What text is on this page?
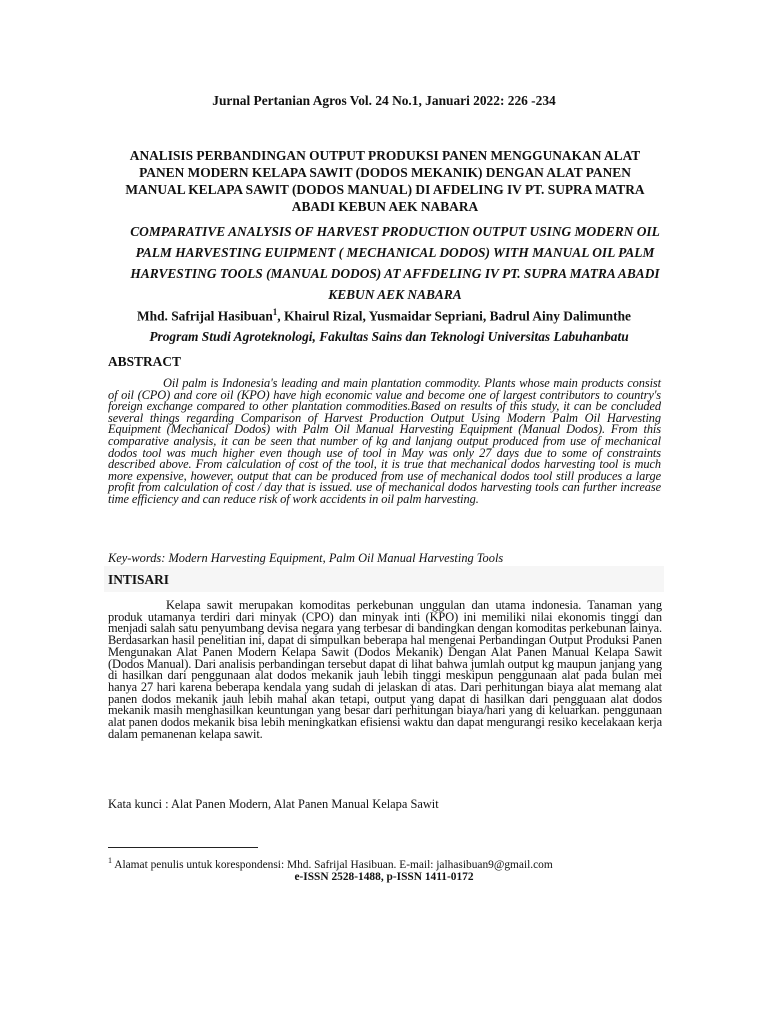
Jurnal Pertanian Agros Vol. 24 No.1, Januari 2022: 226 -234
ANALISIS PERBANDINGAN OUTPUT PRODUKSI PANEN MENGGUNAKAN ALAT PANEN MODERN KELAPA SAWIT (DODOS MEKANIK) DENGAN ALAT PANEN MANUAL KELAPA SAWIT (DODOS MANUAL) DI AFDELING IV PT. SUPRA MATRA ABADI KEBUN AEK NABARA
COMPARATIVE ANALYSIS OF HARVEST PRODUCTION OUTPUT USING MODERN OIL PALM HARVESTING EUIPMENT ( MECHANICAL DODOS) WITH MANUAL OIL PALM HARVESTING TOOLS (MANUAL DODOS) AT AFFDELING IV PT. SUPRA MATRA ABADI KEBUN AEK NABARA
Mhd. Safrijal Hasibuan$^1$, Khairul Rizal, Yusmaidar Sepriani, Badrul Ainy Dalimunthe
Program Studi Agroteknologi, Fakultas Sains dan Teknologi Universitas Labuhanbatu
ABSTRACT
Oil palm is Indonesia's leading and main plantation commodity. Plants whose main products consist of oil (CPO) and core oil (KPO) have high economic value and become one of largest contributors to country's foreign exchange compared to other plantation commodities.Based on results of this study, it can be concluded several things regarding Comparison of Harvest Production Output Using Modern Palm Oil Harvesting Equipment (Mechanical Dodos) with Palm Oil Manual Harvesting Equipment (Manual Dodos). From this comparative analysis, it can be seen that number of kg and lanjang output produced from use of mechanical dodos tool was much higher even though use of tool in May was only 27 days due to some of constraints described above. From calculation of cost of the tool, it is true that mechanical dodos harvesting tool is much more expensive, however, output that can be produced from use of mechanical dodos tool still produces a large profit from calculation of cost / day that is issued. use of mechanical dodos harvesting tools can further increase time efficiency and can reduce risk of work accidents in oil palm harvesting.
Key-words: Modern Harvesting Equipment, Palm Oil Manual Harvesting Tools
INTISARI
Kelapa sawit merupakan komoditas perkebunan unggulan dan utama indonesia. Tanaman yang produk utamanya terdiri dari minyak (CPO) dan minyak inti (KPO) ini memiliki nilai ekonomis tinggi dan menjadi salah satu penyumbang devisa negara yang terbesar di bandingkan dengan komoditas perkebunan lainya. Berdasarkan hasil penelitian ini, dapat di simpulkan beberapa hal mengenai Perbandingan Output Produksi Panen Mengunakan Alat Panen Modern Kelapa Sawit (Dodos Mekanik) Dengan Alat Panen Manual Kelapa Sawit (Dodos Manual). Dari analisis perbandingan tersebut dapat di lihat bahwa jumlah output kg maupun janjang yang di hasilkan dari penggunaan alat dodos mekanik jauh lebih tinggi meskipun penggunaan alat pada bulan mei hanya 27 hari karena beberapa kendala yang sudah di jelaskan di atas. Dari perhitungan biaya alat memang alat panen dodos mekanik jauh lebih mahal akan tetapi, output yang dapat di hasilkan dari pengguaan alat dodos mekanik masih menghasilkan keuntungan yang besar dari perhitungan biaya/hari yang di keluarkan. penggunaan alat panen dodos mekanik bisa lebih meningkatkan efisiensi waktu dan dapat mengurangi resiko kecelakaan kerja dalam pemanenan kelapa sawit.
Kata kunci : Alat Panen Modern, Alat Panen Manual Kelapa Sawit
$^1$ Alamat penulis untuk korespondensi: Mhd. Safrijal Hasibuan. E-mail: jalhasibuan9@gmail.com
e-ISSN 2528-1488, p-ISSN 1411-0172
